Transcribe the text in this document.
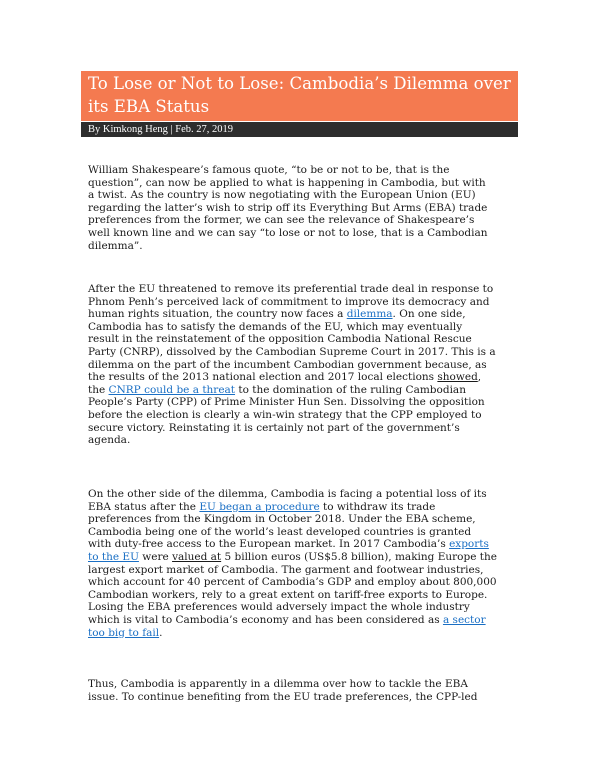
To Lose or Not to Lose: Cambodia’s Dilemma over
its EBA Status
By Kimkong Heng | Feb. 27, 2019
William Shakespeare’s famous quote, “to be or not to be, that is the
question”, can now be applied to what is happening in Cambodia, but with
a twist. As the country is now negotiating with the European Union (EU)
regarding the latter’s wish to strip off its Everything But Arms (EBA) trade
preferences from the former, we can see the relevance of Shakespeare’s
well known line and we can say “to lose or not to lose, that is a Cambodian
dilemma”.
After the EU threatened to remove its preferential trade deal in response to
Phnom Penh’s perceived lack of commitment to improve its democracy and
human rights situation, the country now faces a dilemma. On one side,
Cambodia has to satisfy the demands of the EU, which may eventually
result in the reinstatement of the opposition Cambodia National Rescue
Party (CNRP), dissolved by the Cambodian Supreme Court in 2017. This is a
dilemma on the part of the incumbent Cambodian government because, as
the results of the 2013 national election and 2017 local elections showed,
the CNRP could be a threat to the domination of the ruling Cambodian
People’s Party (CPP) of Prime Minister Hun Sen. Dissolving the opposition
before the election is clearly a win-win strategy that the CPP employed to
secure victory. Reinstating it is certainly not part of the government’s
agenda.
On the other side of the dilemma, Cambodia is facing a potential loss of its
EBA status after the EU began a procedure to withdraw its trade
preferences from the Kingdom in October 2018. Under the EBA scheme,
Cambodia being one of the world’s least developed countries is granted
with duty-free access to the European market. In 2017 Cambodia’s exports
to the EU were valued at 5 billion euros (US$5.8 billion), making Europe the
largest export market of Cambodia. The garment and footwear industries,
which account for 40 percent of Cambodia’s GDP and employ about 800,000
Cambodian workers, rely to a great extent on tariff-free exports to Europe.
Losing the EBA preferences would adversely impact the whole industry
which is vital to Cambodia’s economy and has been considered as a sector
too big to fail.
Thus, Cambodia is apparently in a dilemma over how to tackle the EBA
issue. To continue benefiting from the EU trade preferences, the CPP-led
